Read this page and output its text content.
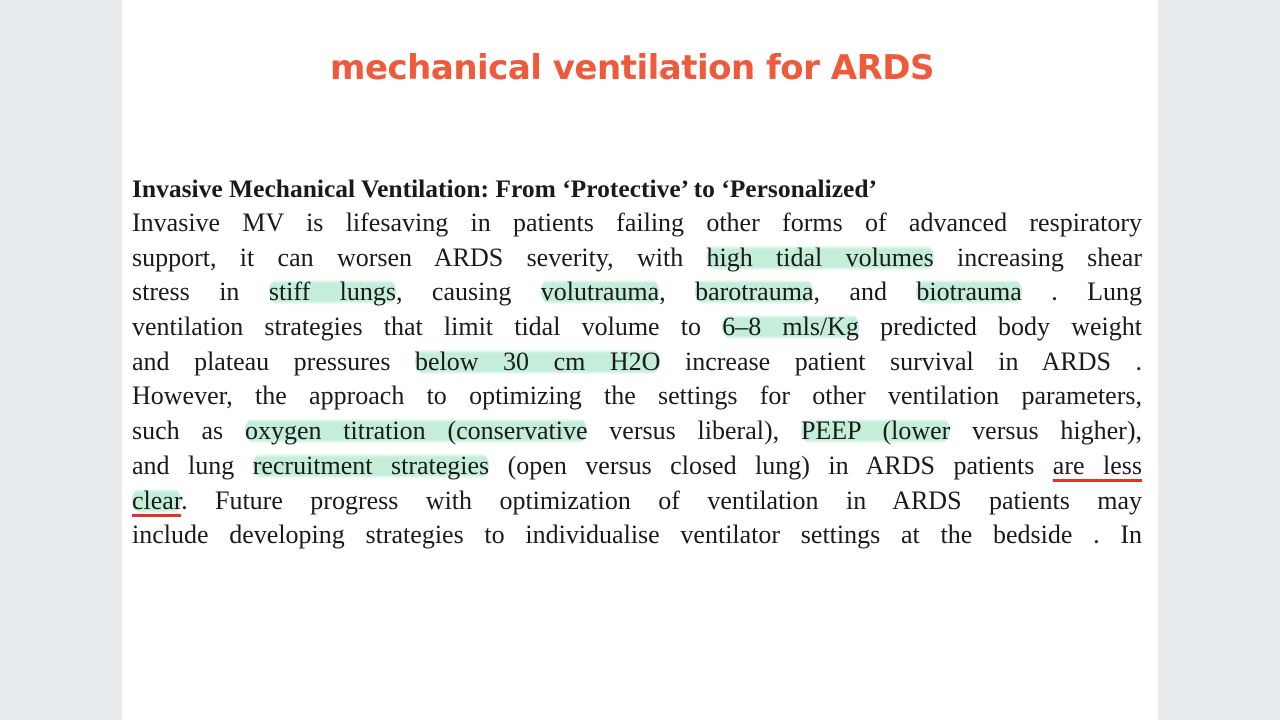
mechanical ventilation for ARDS

Invasive Mechanical Ventilation: From ‘Protective’ to ‘Personalized’

Invasive MV is lifesaving in patients failing other forms of advanced respiratory
support, it can worsen ARDS severity, with high tidal volumes increasing shear
stress in stiff lungs, causing volutrauma, barotrauma, and biotrauma . Lung
ventilation strategies that limit tidal volume to 6–8 mls/Kg predicted body weight
and plateau pressures below 30 cm H2O increase patient survival in ARDS .
However, the approach to optimizing the settings for other ventilation parameters,
such as oxygen titration (conservative versus liberal), PEEP (lower versus higher),
and lung recruitment strategies (open versus closed lung) in ARDS patients are less
clear. Future progress with optimization of ventilation in ARDS patients may
include developing strategies to individualise ventilator settings at the bedside . In
